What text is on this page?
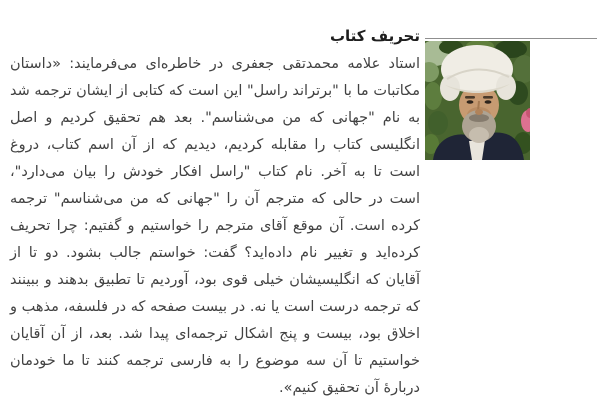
تحریف کتاب

استاد علامه محمدتقی جعفری در خاطره‌ای می‌فرمایند: «داستان مکاتبات ما با "برتراند راسل" این است که کتابی از ایشان ترجمه شد به نام "جهانی که من می‌شناسم". بعد هم تحقیق کردیم و اصل انگلیسی کتاب را مقابله کردیم، دیدیم که از آن اسم کتاب، دروغ است تا به آخر. نام کتاب "راسل افکار خودش را بیان می‌دارد"، است در حالی که مترجم آن را "جهانی که من می‌شناسم" ترجمه کرده است. آن موقع آقای مترجم را خواستیم و گفتیم: چرا تحریف کرده‌اید و تغییر نام داده‌اید؟ گفت: خواستم جالب بشود. دو تا از آقایان که انگلیسیشان خیلی قوی بود، آوردیم تا تطبیق بدهند و ببینند که ترجمه درست است یا نه. در بیست صفحه که در فلسفه، مذهب و اخلاق بود، بیست و پنج اشکال ترجمه‌ای پیدا شد. بعد، از آن آقایان خواستیم تا آن سه موضوع را به فارسی ترجمه کنند تا ما خودمان دربارهٔ آن تحقیق کنیم».
